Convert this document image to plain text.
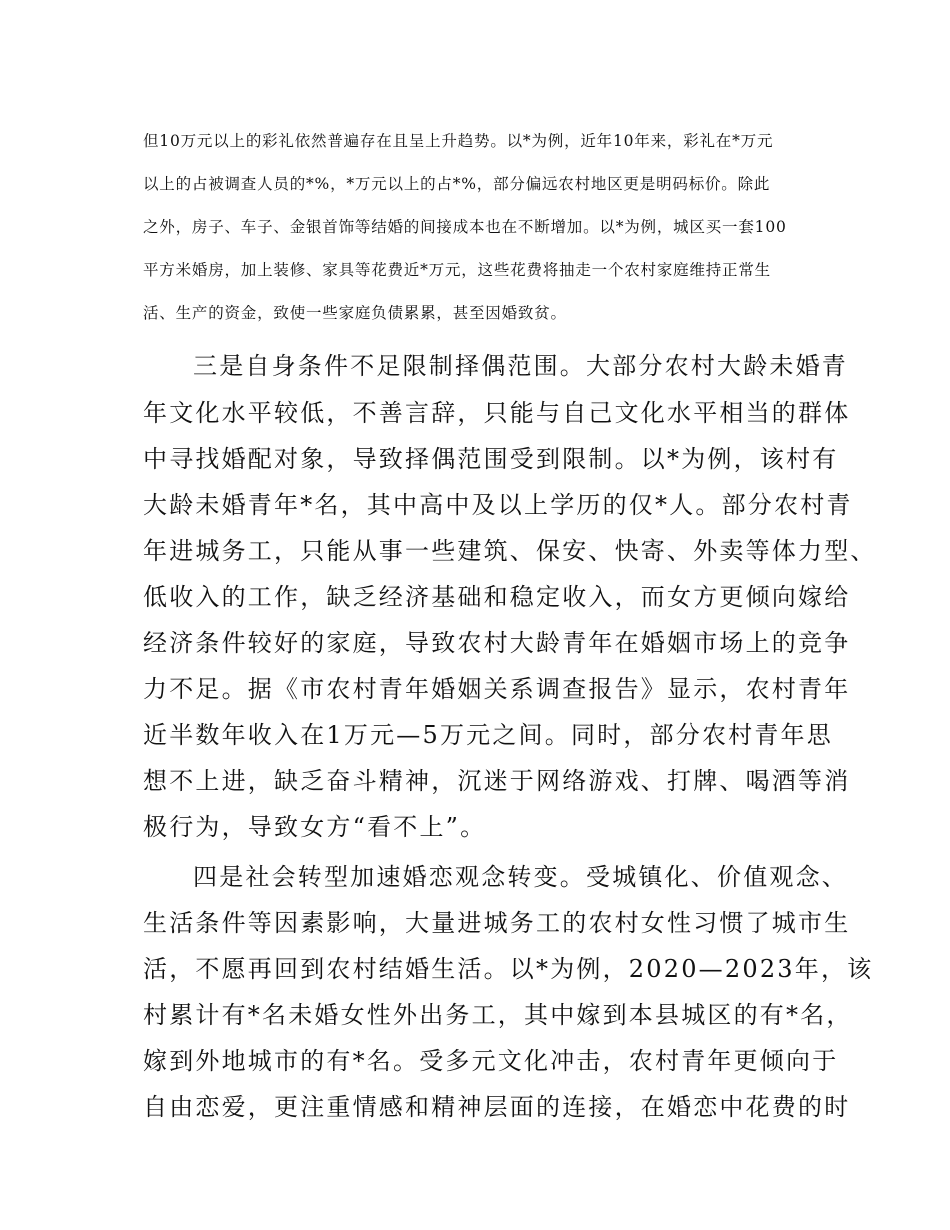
但10万元以上的彩礼依然普遍存在且呈上升趋势。以*为例，近年10年来，彩礼在*万元
以上的占被调查人员的*%，*万元以上的占*%，部分偏远农村地区更是明码标价。除此
之外，房子、车子、金银首饰等结婚的间接成本也在不断增加。以*为例，城区买一套100
平方米婚房，加上装修、家具等花费近*万元，这些花费将抽走一个农村家庭维持正常生
活、生产的资金，致使一些家庭负债累累，甚至因婚致贫。
三是自身条件不足限制择偶范围。大部分农村大龄未婚青
年文化水平较低，不善言辞，只能与自己文化水平相当的群体
中寻找婚配对象，导致择偶范围受到限制。以*为例，该村有
大龄未婚青年*名，其中高中及以上学历的仅*人。部分农村青
年进城务工，只能从事一些建筑、保安、快寄、外卖等体力型、
低收入的工作，缺乏经济基础和稳定收入，而女方更倾向嫁给
经济条件较好的家庭，导致农村大龄青年在婚姻市场上的竞争
力不足。据《市农村青年婚姻关系调查报告》显示，农村青年
近半数年收入在1万元—5万元之间。同时，部分农村青年思
想不上进，缺乏奋斗精神，沉迷于网络游戏、打牌、喝酒等消
极行为，导致女方“看不上”。
四是社会转型加速婚恋观念转变。受城镇化、价值观念、
生活条件等因素影响，大量进城务工的农村女性习惯了城市生
活，不愿再回到农村结婚生活。以*为例，2020—2023年，该
村累计有*名未婚女性外出务工，其中嫁到本县城区的有*名，
嫁到外地城市的有*名。受多元文化冲击，农村青年更倾向于
自由恋爱，更注重情感和精神层面的连接，在婚恋中花费的时
